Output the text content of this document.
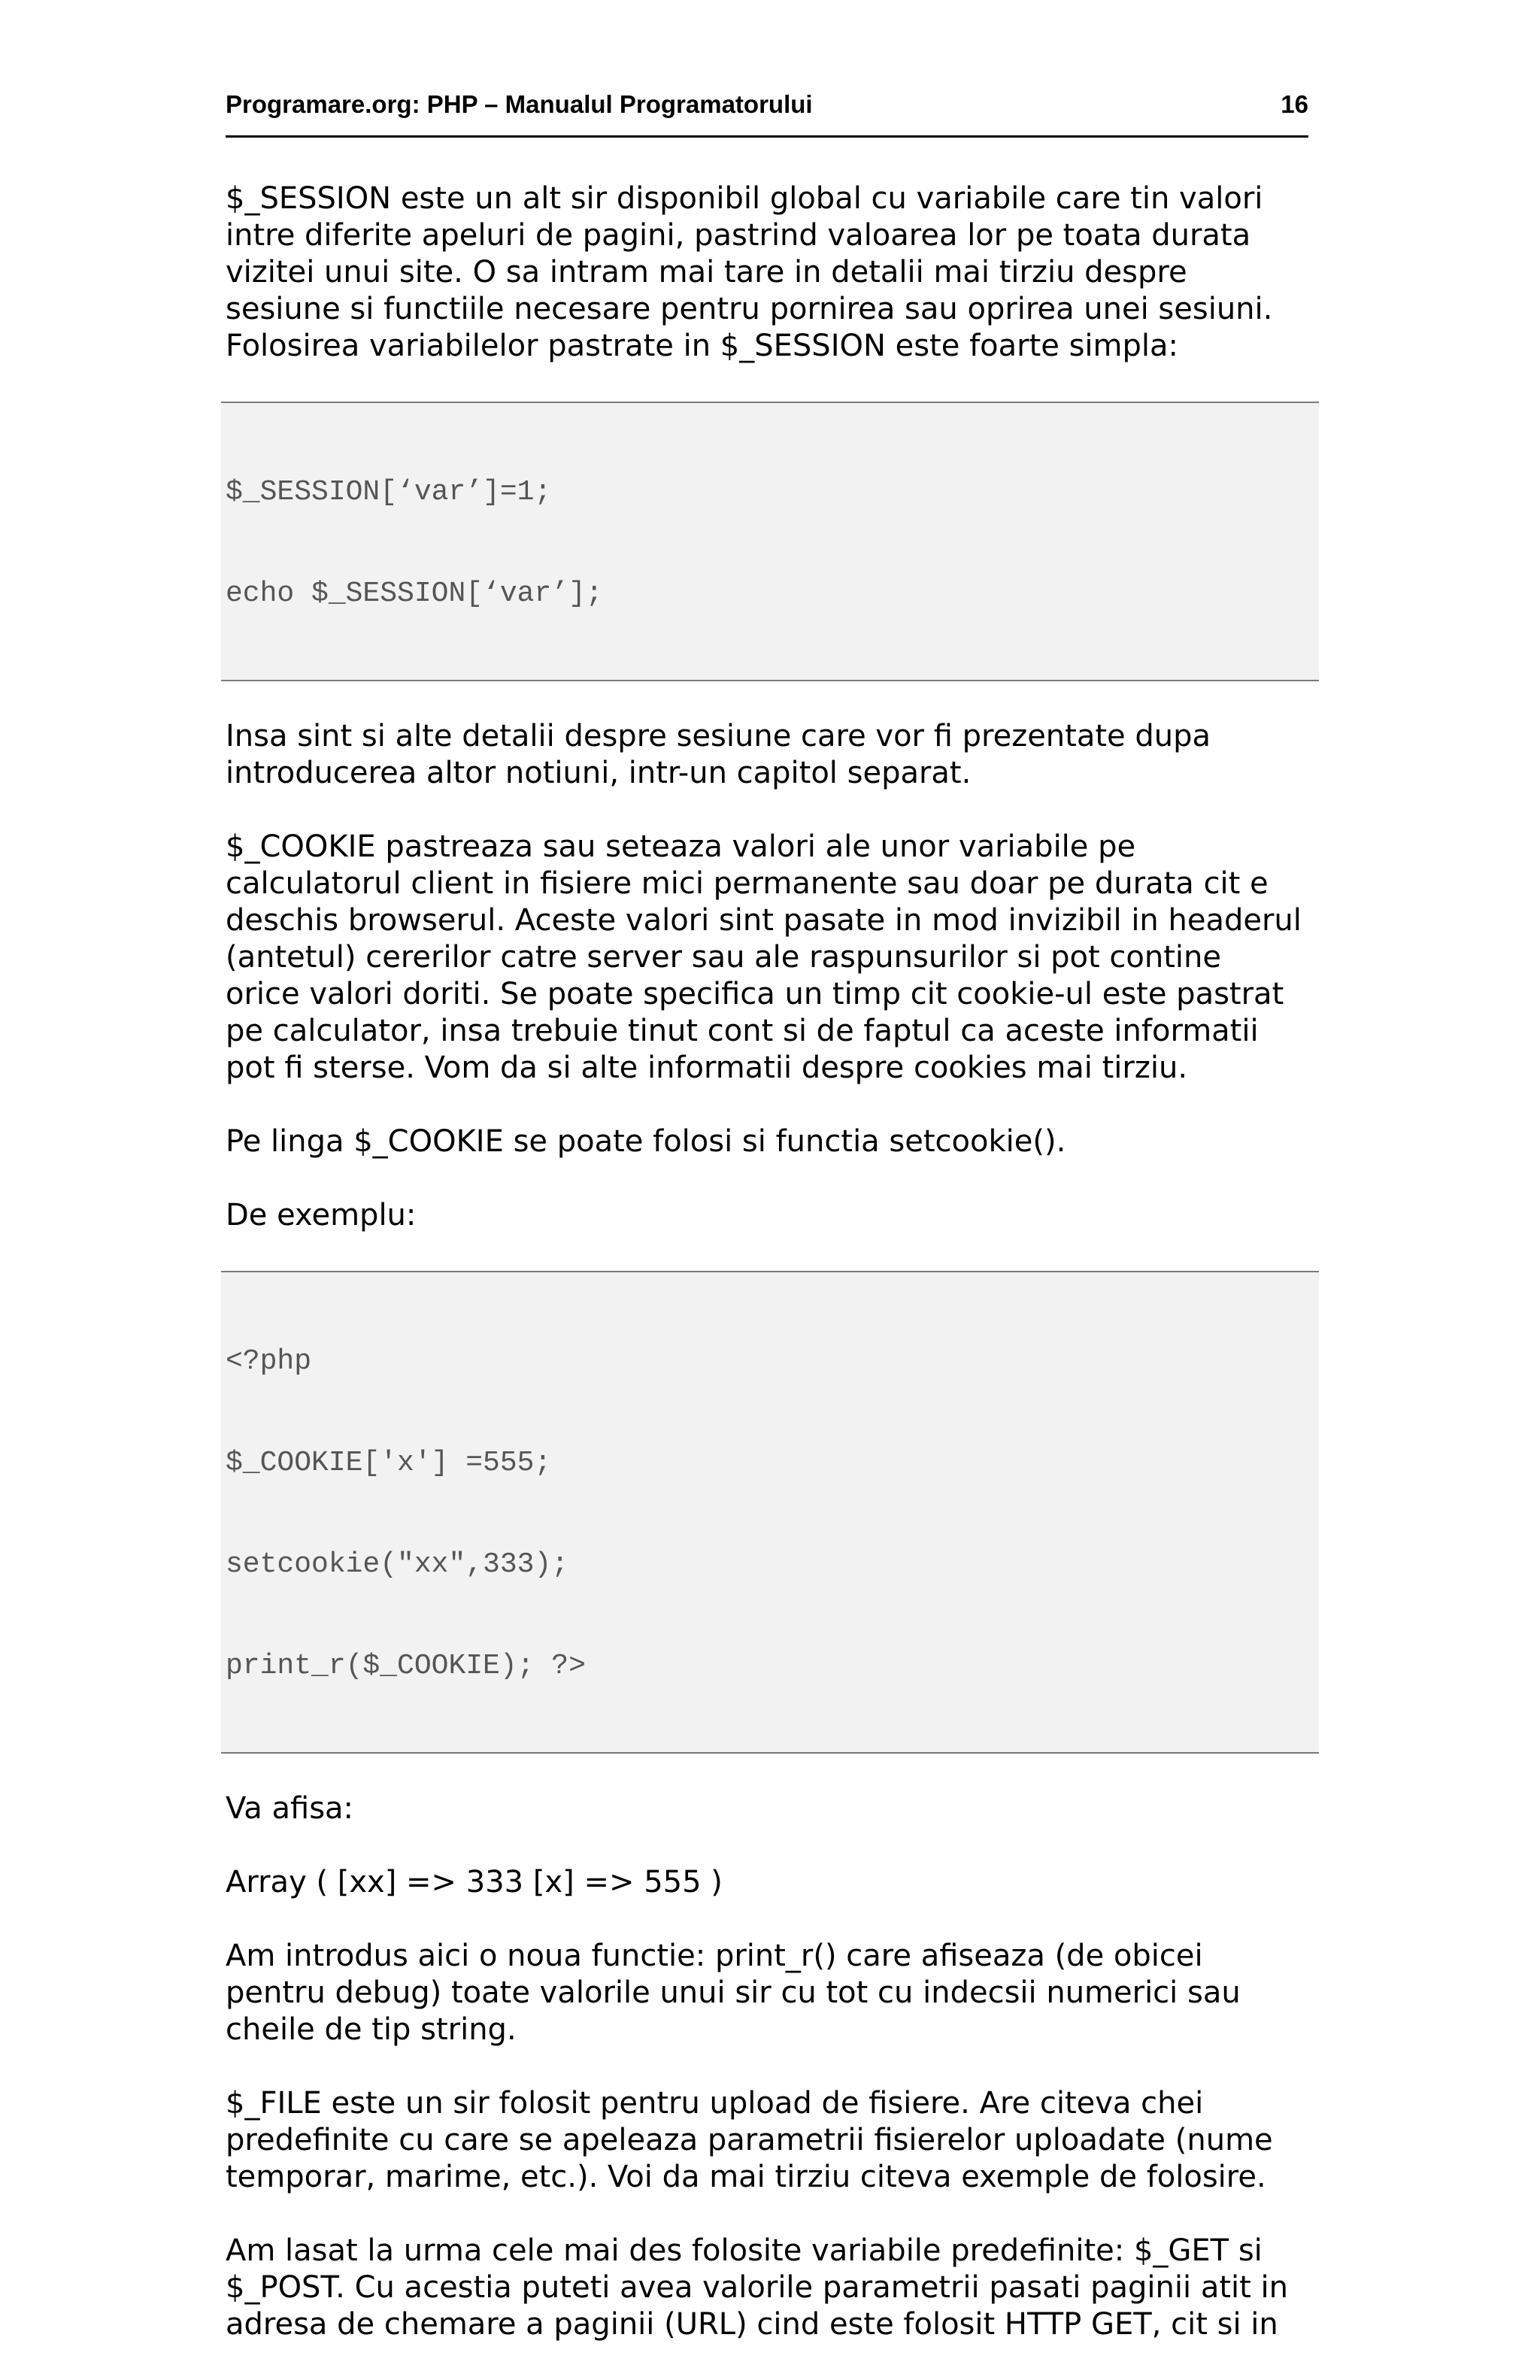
Programare.org: PHP – Manualul Programatorului	16

$_SESSION este un alt sir disponibil global cu variabile care tin valori
intre diferite apeluri de pagini, pastrind valoarea lor pe toata durata
vizitei unui site. O sa intram mai tare in detalii mai tirziu despre
sesiune si functiile necesare pentru pornirea sau oprirea unei sesiuni.
Folosirea variabilelor pastrate in $_SESSION este foarte simpla:

$_SESSION[‘var’]=1;

echo $_SESSION[‘var’];

Insa sint si alte detalii despre sesiune care vor fi prezentate dupa
introducerea altor notiuni, intr-un capitol separat.

$_COOKIE pastreaza sau seteaza valori ale unor variabile pe
calculatorul client in fisiere mici permanente sau doar pe durata cit e
deschis browserul. Aceste valori sint pasate in mod invizibil in headerul
(antetul) cererilor catre server sau ale raspunsurilor si pot contine
orice valori doriti. Se poate specifica un timp cit cookie-ul este pastrat
pe calculator, insa trebuie tinut cont si de faptul ca aceste informatii
pot fi sterse. Vom da si alte informatii despre cookies mai tirziu.

Pe linga $_COOKIE se poate folosi si functia setcookie().

De exemplu:

<?php

$_COOKIE['x'] =555;

setcookie("xx",333);

print_r($_COOKIE); ?>

Va afisa:

Array ( [xx] => 333 [x] => 555 )

Am introdus aici o noua functie: print_r() care afiseaza (de obicei
pentru debug) toate valorile unui sir cu tot cu indecsii numerici sau
cheile de tip string.

$_FILE este un sir folosit pentru upload de fisiere. Are citeva chei
predefinite cu care se apeleaza parametrii fisierelor uploadate (nume
temporar, marime, etc.). Voi da mai tirziu citeva exemple de folosire.

Am lasat la urma cele mai des folosite variabile predefinite: $_GET si
$_POST. Cu acestia puteti avea valorile parametrii pasati paginii atit in
adresa de chemare a paginii (URL) cind este folosit HTTP GET, cit si in
